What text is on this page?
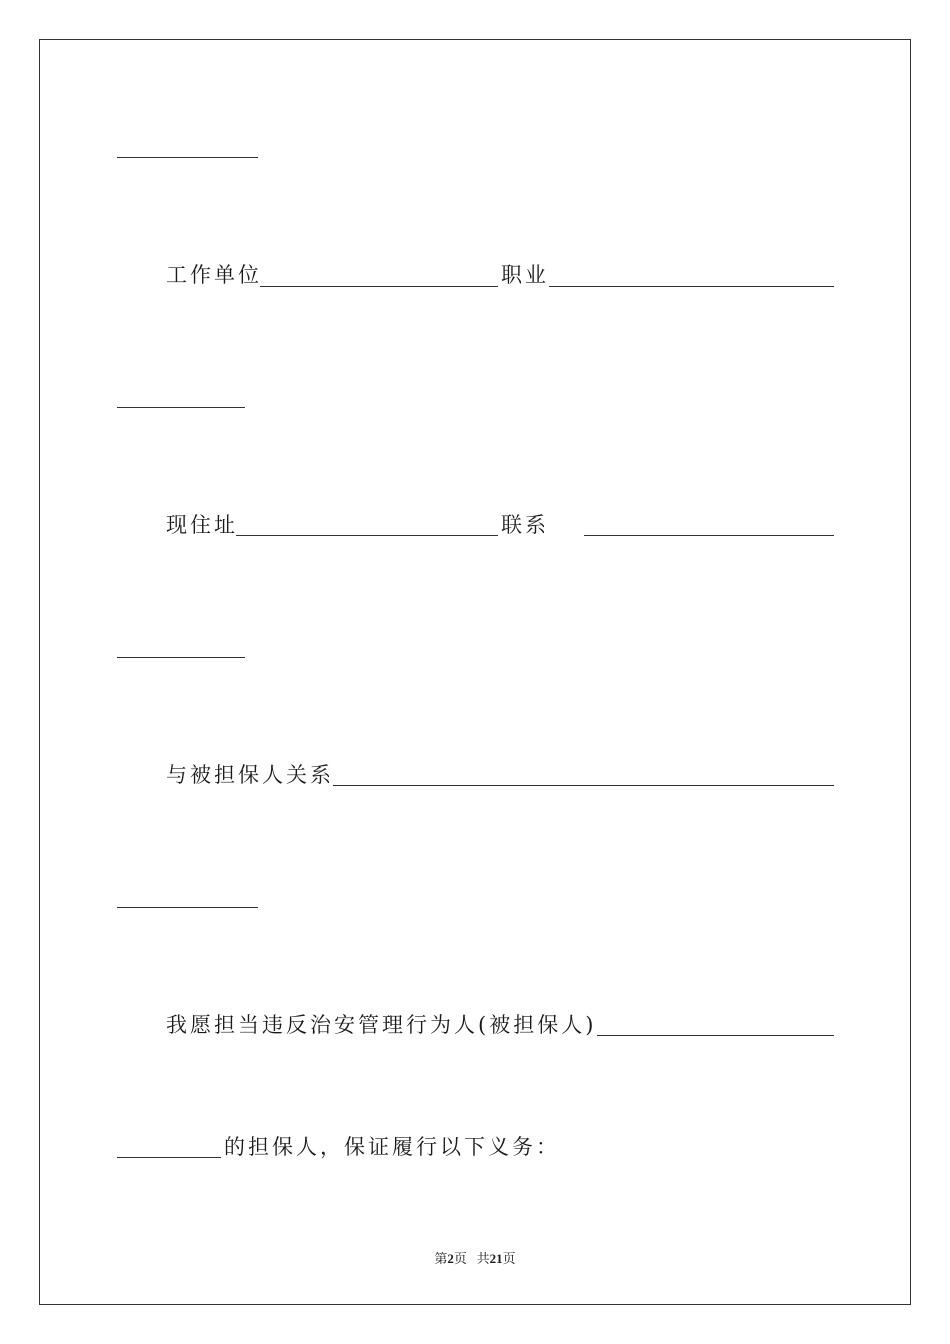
工作单位	职业
现住址	联系
与被担保人关系
我愿担当违反治安管理行为人(被担保人)
的担保人，保证履行以下义务：
第2页 共21页
